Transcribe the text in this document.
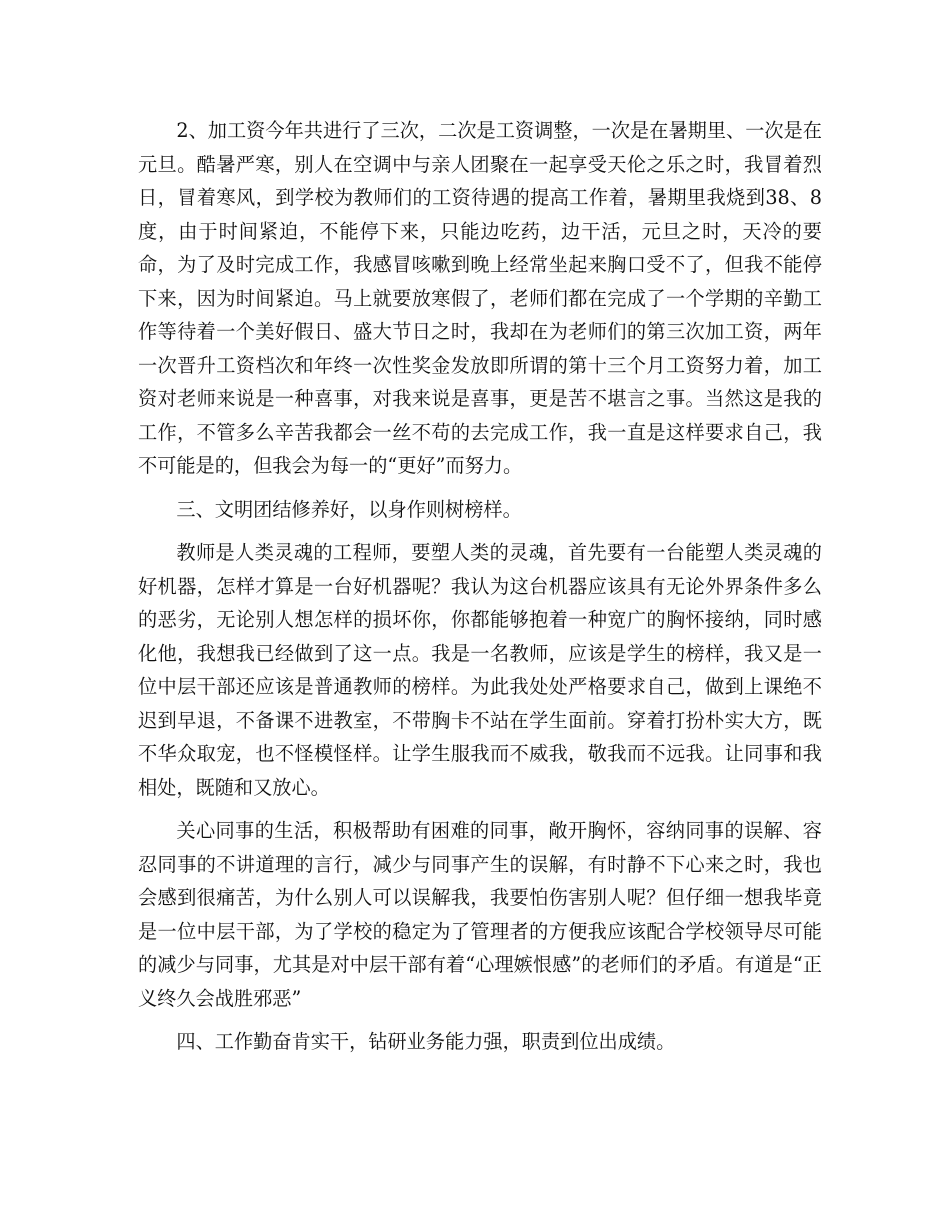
2、加工资今年共进行了三次，二次是工资调整，一次是在暑期里、一次是在元旦。酷暑严寒，别人在空调中与亲人团聚在一起享受天伦之乐之时，我冒着烈日，冒着寒风，到学校为教师们的工资待遇的提高工作着，暑期里我烧到38、8度，由于时间紧迫，不能停下来，只能边吃药，边干活，元旦之时，天冷的要命，为了及时完成工作，我感冒咳嗽到晚上经常坐起来胸口受不了，但我不能停下来，因为时间紧迫。马上就要放寒假了，老师们都在完成了一个学期的辛勤工作等待着一个美好假日、盛大节日之时，我却在为老师们的第三次加工资，两年一次晋升工资档次和年终一次性奖金发放即所谓的第十三个月工资努力着，加工资对老师来说是一种喜事，对我来说是喜事，更是苦不堪言之事。当然这是我的工作，不管多么辛苦我都会一丝不苟的去完成工作，我一直是这样要求自己，我不可能是的，但我会为每一的“更好”而努力。

三、文明团结修养好，以身作则树榜样。

教师是人类灵魂的工程师，要塑人类的灵魂，首先要有一台能塑人类灵魂的好机器，怎样才算是一台好机器呢？我认为这台机器应该具有无论外界条件多么的恶劣，无论别人想怎样的损坏你，你都能够抱着一种宽广的胸怀接纳，同时感化他，我想我已经做到了这一点。我是一名教师，应该是学生的榜样，我又是一位中层干部还应该是普通教师的榜样。为此我处处严格要求自己，做到上课绝不迟到早退，不备课不进教室，不带胸卡不站在学生面前。穿着打扮朴实大方，既不华众取宠，也不怪模怪样。让学生服我而不威我，敬我而不远我。让同事和我相处，既随和又放心。

关心同事的生活，积极帮助有困难的同事，敞开胸怀，容纳同事的误解、容忍同事的不讲道理的言行，减少与同事产生的误解，有时静不下心来之时，我也会感到很痛苦，为什么别人可以误解我，我要怕伤害别人呢？但仔细一想我毕竟是一位中层干部，为了学校的稳定为了管理者的方便我应该配合学校领导尽可能的减少与同事，尤其是对中层干部有着“心理嫉恨感”的老师们的矛盾。有道是“正义终久会战胜邪恶”

四、工作勤奋肯实干，钻研业务能力强，职责到位出成绩。
